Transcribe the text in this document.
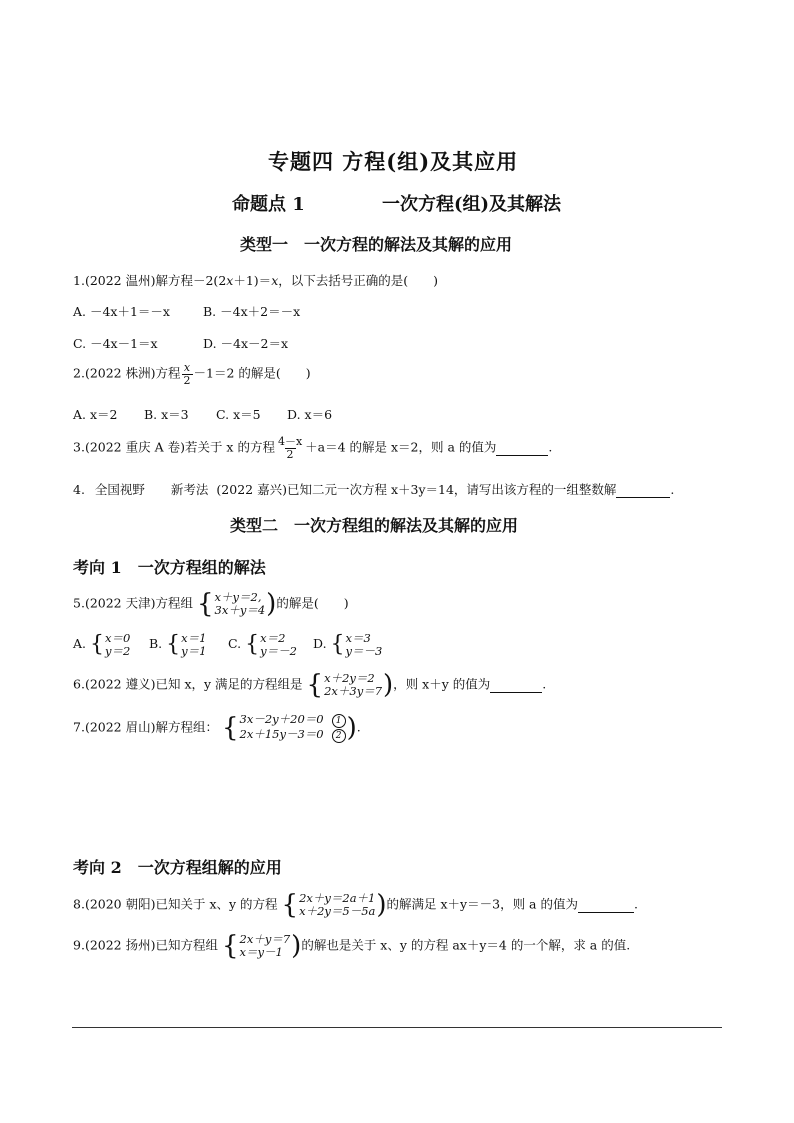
专题四 方程(组)及其应用
命题点 1	一次方程(组)及其解法
类型一　一次方程的解法及其解的应用
1.(2022 温州)解方程－2(2x＋1)＝x，以下去括号正确的是(　　)
A. －4x＋1＝－x	B. －4x＋2＝－x
C. －4x－1＝x	D. －4x－2＝x
2.(2022 株洲)方程 $\frac{x}{2} -1=2$ 的解是(　　)
A. x＝2 B. x＝3 C. x＝5 D. x＝6
3.(2022 重庆 A 卷)若关于 x 的方程 $\frac{4-x}{2} +a=4$ 的解是 x＝2，则 a 的值为	.
4. 全国视野 新考法 (2022 嘉兴)已知二元一次方程 x＋3y＝14，请写出该方程的一组整数解	.
类型二　一次方程组的解法及其解的应用
考向 1　一次方程组的解法
5.(2022 天津)方程组 { x＋y＝2,
3x＋y＝4 ) 的解是(　　)
A. { x＝0
y＝2 B. { x＝1
y＝1 C. { x＝2
y＝－2 D. { x＝3
y＝－3
6.(2022 遵义)已知 x，y 满足的方程组是 { x＋2y＝2
2x＋3y＝7 ) ，则 x＋y 的值为	.
7.(2022 眉山)解方程组： { 3x－2y＋20＝0 1
2x＋15y－3＝0 2 ) .
考向 2　一次方程组解的应用
8.(2020 朝阳)已知关于 x、y 的方程 { 2x＋y＝2a＋1
x＋2y＝5－5a ) 的解满足 x＋y＝－3，则 a 的值为	.
9.(2022 扬州)已知方程组 { 2x＋y＝7
x＝y－1 ) 的解也是关于 x、y 的方程 ax＋y＝4 的一个解，求 a 的值.
